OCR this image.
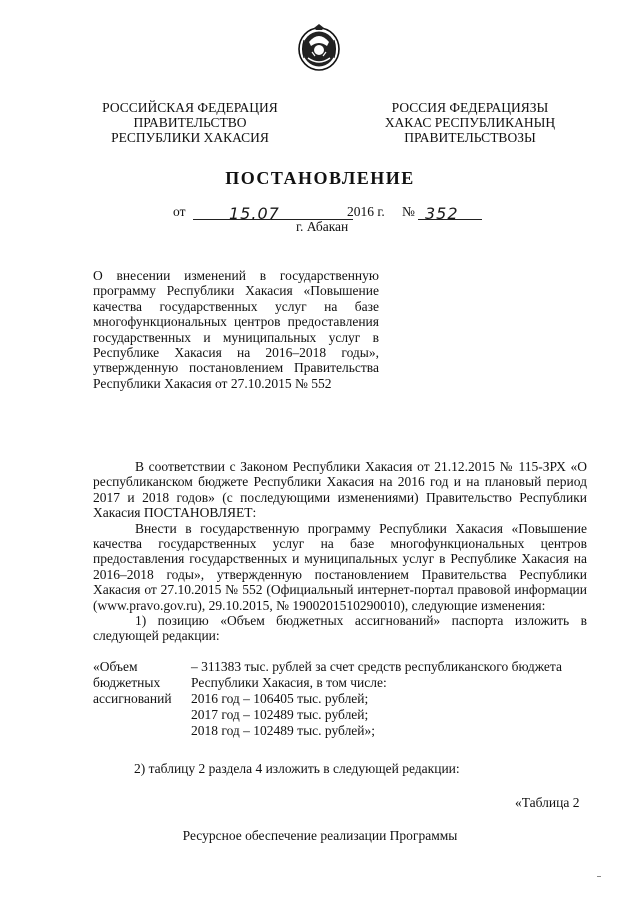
РОССИЙСКАЯ ФЕДЕРАЦИЯ
ПРАВИТЕЛЬСТВО
РЕСПУБЛИКИ ХАКАСИЯ
РОССИЯ ФЕДЕРАЦИЯЗЫ
ХАКАС РЕСПУБЛИКАНЫҢ
ПРАВИТЕЛЬСТВОЗЫ
ПОСТАНОВЛЕНИЕ
от	15.07	2016 г. № 352
г. Абакан
О внесении изменений в государственную программу Республики Хакасия «Повышение качества государственных услуг на базе многофункциональных центров предоставления государственных и муниципальных услуг в Республике Хакасия на 2016–2018 годы», утвержденную постановлением Правительства Республики Хакасия от 27.10.2015 № 552

В соответствии с Законом Республики Хакасия от 21.12.2015 № 115-ЗРХ «О республиканском бюджете Республики Хакасия на 2016 год и на плановый период 2017 и 2018 годов» (с последующими изменениями) Правительство Республики Хакасия ПОСТАНОВЛЯЕТ:

Внести в государственную программу Республики Хакасия «Повышение качества государственных услуг на базе многофункциональных центров предоставления государственных и муниципальных услуг в Республике Хакасия на 2016–2018 годы», утвержденную постановлением Правительства Республики Хакасия от 27.10.2015 № 552 (Официальный интернет-портал правовой информации (www.pravo.gov.ru), 29.10.2015, № 1900201510290010), следующие изменения:

1) позицию «Объем бюджетных ассигнований» паспорта изложить в следующей редакции:

«Объем
бюджетных
ассигнований
– 311383 тыс. рублей за счет средств республиканского бюджета
Республики Хакасия, в том числе:
2016 год – 106405 тыс. рублей;
2017 год – 102489 тыс. рублей;
2018 год – 102489 тыс. рублей»;
2) таблицу 2 раздела 4 изложить в следующей редакции:
«Таблица 2
Ресурсное обеспечение реализации Программы
